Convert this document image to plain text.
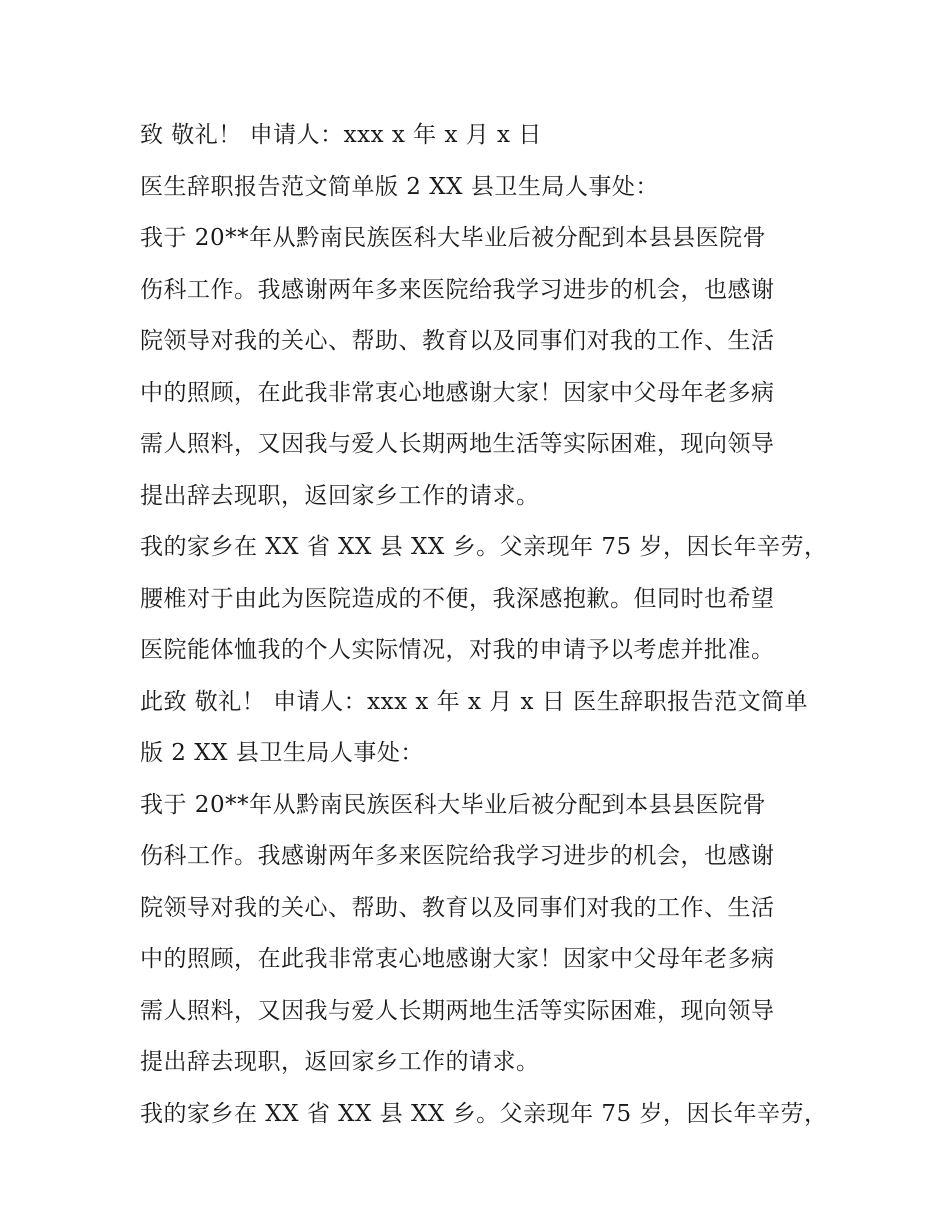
致 敬礼！ 申请人：xxx x 年 x 月 x 日
医生辞职报告范文简单版 2 XX 县卫生局人事处：
我于 20**年从黔南民族医科大毕业后被分配到本县县医院骨
伤科工作。我感谢两年多来医院给我学习进步的机会，也感谢
院领导对我的关心、帮助、教育以及同事们对我的工作、生活
中的照顾，在此我非常衷心地感谢大家！因家中父母年老多病
需人照料，又因我与爱人长期两地生活等实际困难，现向领导
提出辞去现职，返回家乡工作的请求。
我的家乡在 XX 省 XX 县 XX 乡。父亲现年 75 岁，因长年辛劳，
腰椎对于由此为医院造成的不便，我深感抱歉。但同时也希望
医院能体恤我的个人实际情况，对我的申请予以考虑并批准。
此致 敬礼！ 申请人：xxx x 年 x 月 x 日 医生辞职报告范文简单
版 2 XX 县卫生局人事处：
我于 20**年从黔南民族医科大毕业后被分配到本县县医院骨
伤科工作。我感谢两年多来医院给我学习进步的机会，也感谢
院领导对我的关心、帮助、教育以及同事们对我的工作、生活
中的照顾，在此我非常衷心地感谢大家！因家中父母年老多病
需人照料，又因我与爱人长期两地生活等实际困难，现向领导
提出辞去现职，返回家乡工作的请求。
我的家乡在 XX 省 XX 县 XX 乡。父亲现年 75 岁，因长年辛劳，
